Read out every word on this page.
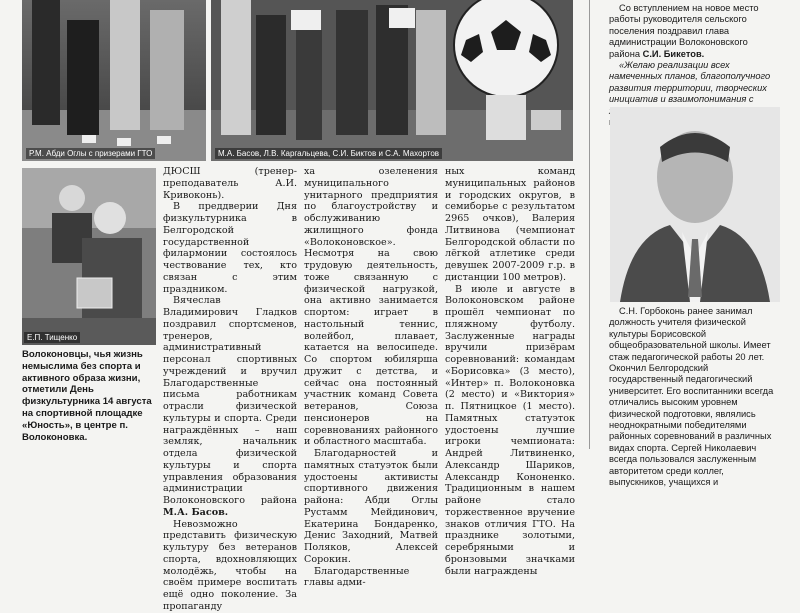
Р.М. Абди Оглы с призерами ГТО	М.А. Басов, Л.В. Каргальцева, С.И. Биктов и С.А. Махортов
Е.П. Тищенко
Волоконовцы, чья жизнь немыслима без спорта и активного образа жизни, отметили День физкультурника 14 августа на спортивной площадке «Юность», в центре п. Волоконовка.

ДЮСШ (тренер-преподаватель А.И. Кривоконь).

В преддверии Дня физкультурника в Белгородской государственной филармонии состоялось чествование тех, кто связан с этим праздником.

Вячеслав Владимирович Гладков поздравил спортсменов, тренеров, административный персонал спортивных учреждений и вручил Благодарственные письма работникам отрасли физической культуры и спорта. Среди награждённых – наш земляк, начальник отдела физической культуры и спорта управления образования администрации Волоконовского района М.А. Басов.

Невозможно представить физическую культуру без ветеранов спорта, вдохновляющих молодёжь, чтобы на своём примере воспитать ещё одно поколение. За пропаганду

ха озеленения муниципального унитарного предприятия по благоустройству и обслуживанию жилищного фонда «Волоконовское». Несмотря на свою трудовую деятельность, тоже связанную с физической нагрузкой, она активно занимается спортом: играет в настольный теннис, волейбол, плавает, катается на велосипеде. Со спортом юбилярша дружит с детства, и сейчас она постоянный участник команд Совета ветеранов, Союза пенсионеров на соревнованиях районного и областного масштаба.

Благодарностей и памятных статуэток были удостоены активисты спортивного движения района: Абди Оглы Рустамм Мейдинович, Екатерина Бондаренко, Денис Заходний, Матвей Поляков, Алексей Сорокин.

Благодарственные главы адми-

ных команд муниципальных районов и городских округов, в семиборье с результатом 2965 очков), Валерия Литвинова (чемпионат Белгородской области по лёгкой атлетике среди девушек 2007-2009 г.р. в дистанции 100 метров).

В июле и августе в Волоконовском районе прошёл чемпионат по пляжному футболу. Заслуженные награды вручили призёрам соревнований: командам «Борисовка» (3 место), «Интер» п. Волоконовка (2 место) и «Виктория» п. Пятницкое (1 место). Памятных статуэток удостоены лучшие игроки чемпионата: Андрей Литвиненко, Александр Шариков, Александр Кононенко. Традиционным в нашем районе стало торжественное вручение знаков отличия ГТО. На празднике золотыми, серебряными и бронзовыми значками были награждены

Со вступлением на новое место работы руководителя сельского поселения поздравил глава администрации Волоконовского района С.И. Бикетов.

«Желаю реализации всех намеченных планов, благополучного развития территории, творческих инициатив и взаимопонимания с

С.Н. Горбоконь ранее занимал должность учителя физической культуры Борисовской общеобразовательной школы. Имеет стаж педагогической работы 20 лет. Окончил Белгородский государственный педагогический университет. Его воспитанники всегда отличались высоким уровнем физической подготовки, являлись неоднократными победителями районных соревнований в различных видах спорта. Сергей Николаевич всегда пользовался заслуженным авторитетом среди коллег, выпускников, учащихся и
